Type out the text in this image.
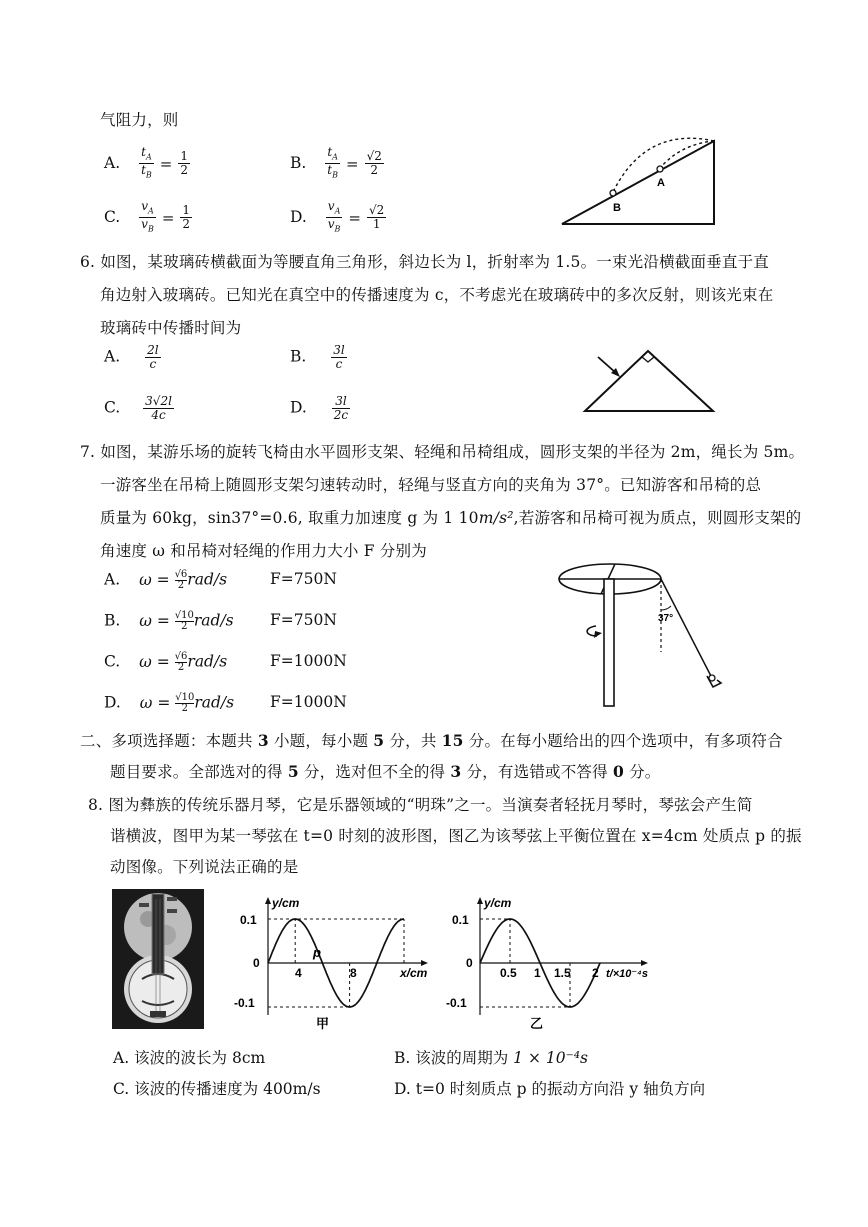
气阻力，则
A. $\frac{t_A}{t_B} = \frac{1}{2}$	B. $\frac{t_A}{t_B} = \frac{√2}{2}$
C. $\frac{v_A}{v_B} = \frac{1}{2}$	D. $\frac{v_A}{v_B} = \frac{√2}{1}$
A
B
6. 如图，某玻璃砖横截面为等腰直角三角形，斜边长为 l，折射率为 1.5。一束光沿横截面垂直于直
角边射入玻璃砖。已知光在真空中的传播速度为 c，不考虑光在玻璃砖中的多次反射，则该光束在
玻璃砖中传播时间为
A. $\frac{2l}{c}$	B. $\frac{3l}{c}$
C. $\frac{3√2l}{4c}$	D. $\frac{3l}{2c}$
7. 如图，某游乐场的旋转飞椅由水平圆形支架、轻绳和吊椅组成，圆形支架的半径为 2m，绳长为 5m。
一游客坐在吊椅上随圆形支架匀速转动时，轻绳与竖直方向的夹角为 37°。已知游客和吊椅的总
质量为 60kg，sin37°=0.6, 取重力加速度 g 为 1 10m/s²,若游客和吊椅可视为质点，则圆形支架的
角速度 ω 和吊椅对轻绳的作用力大小 F 分别为
A. $\omega = \frac{√6}{2}rad/s$	F=750N
B. $\omega = \frac{√10}{2}rad/s$ F=750N
C. $\omega = \frac{√6}{2}rad/s$	F=1000N
D. $\omega = \frac{√10}{2}rad/s$ F=1000N
37°
二、多项选择题：本题共 3 小题，每小题 5 分，共 15 分。在每小题给出的四个选项中，有多项符合
题目要求。全部选对的得 5 分，选对但不全的得 3 分，有选错或不答得 0 分。
8. 图为彝族的传统乐器月琴，它是乐器领域的“明珠”之一。当演奏者轻抚月琴时，琴弦会产生简
谐横波，图甲为某一琴弦在 t=0 时刻的波形图，图乙为该琴弦上平衡位置在 x=4cm 处质点 p 的振
动图像。下列说法正确的是
y/cm
0.1
0
-0.1
4	8	x/cm
p
甲
y/cm
0.1
0
-0.1
0.5 1 1.5 2 t/×10⁻⁴s
乙
A. 该波的波长为 8cm	B. 该波的周期为 1 × 10⁻⁴s
C. 该波的传播速度为 400m/s	D. t=0 时刻质点 p 的振动方向沿 y 轴负方向
